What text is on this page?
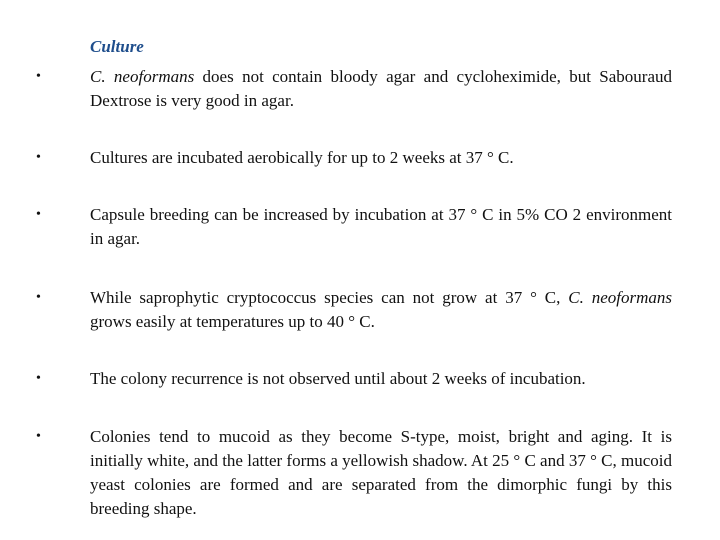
Culture
•	C. neoformans does not contain bloody agar and cycloheximide, but Sabouraud Dextrose is very good in agar.
•	Cultures are incubated aerobically for up to 2 weeks at 37 ° C.
•	Capsule breeding can be increased by incubation at 37 ° C in 5% CO 2 environment in agar.
•	While saprophytic cryptococcus species can not grow at 37 ° C, C. neoformans grows easily at temperatures up to 40 ° C.
•	The colony recurrence is not observed until about 2 weeks of incubation.
•	Colonies tend to mucoid as they become S-type, moist, bright and aging. It is initially white, and the latter forms a yellowish shadow. At 25 ° C and 37 ° C, mucoid yeast colonies are formed and are separated from the dimorphic fungi by this breeding shape.
